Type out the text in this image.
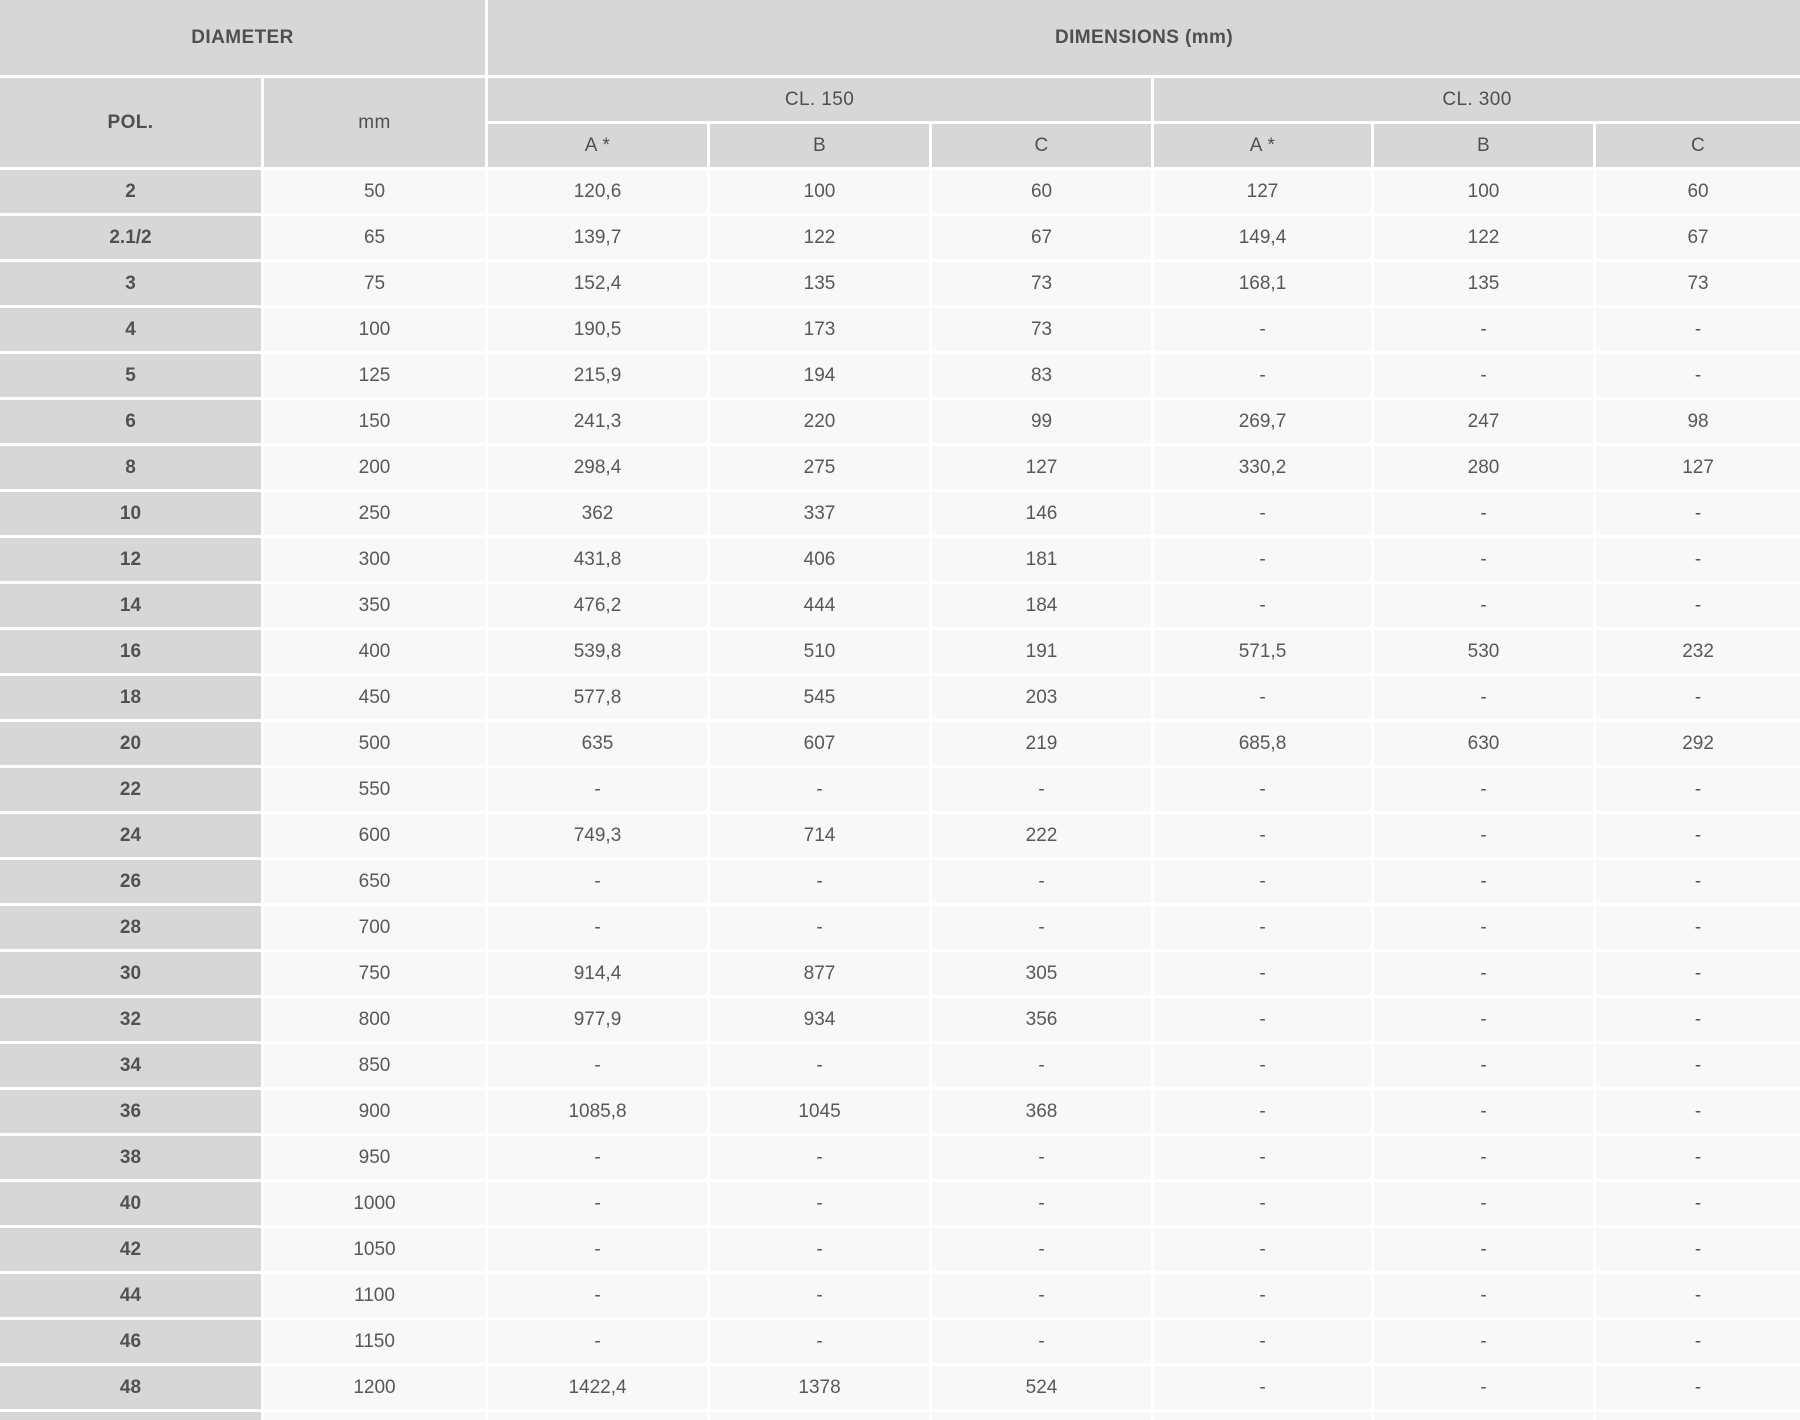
DIAMETER		DIMENSIONS (mm)					
POL.	mm	CL. 150			CL. 300		
		A *	B	C	A *	B	C
2	50	120,6	100	60	127	100	60
2.1/2	65	139,7	122	67	149,4	122	67
3	75	152,4	135	73	168,1	135	73
4	100	190,5	173	73	-	-	-
5	125	215,9	194	83	-	-	-
6	150	241,3	220	99	269,7	247	98
8	200	298,4	275	127	330,2	280	127
10	250	362	337	146	-	-	-
12	300	431,8	406	181	-	-	-
14	350	476,2	444	184	-	-	-
16	400	539,8	510	191	571,5	530	232
18	450	577,8	545	203	-	-	-
20	500	635	607	219	685,8	630	292
22	550	-	-	-	-	-	-
24	600	749,3	714	222	-	-	-
26	650	-	-	-	-	-	-
28	700	-	-	-	-	-	-
30	750	914,4	877	305	-	-	-
32	800	977,9	934	356	-	-	-
34	850	-	-	-	-	-	-
36	900	1085,8	1045	368	-	-	-
38	950	-	-	-	-	-	-
40	1000	-	-	-	-	-	-
42	1050	-	-	-	-	-	-
44	1100	-	-	-	-	-	-
46	1150	-	-	-	-	-	-
48	1200	1422,4	1378	524	-	-	-
